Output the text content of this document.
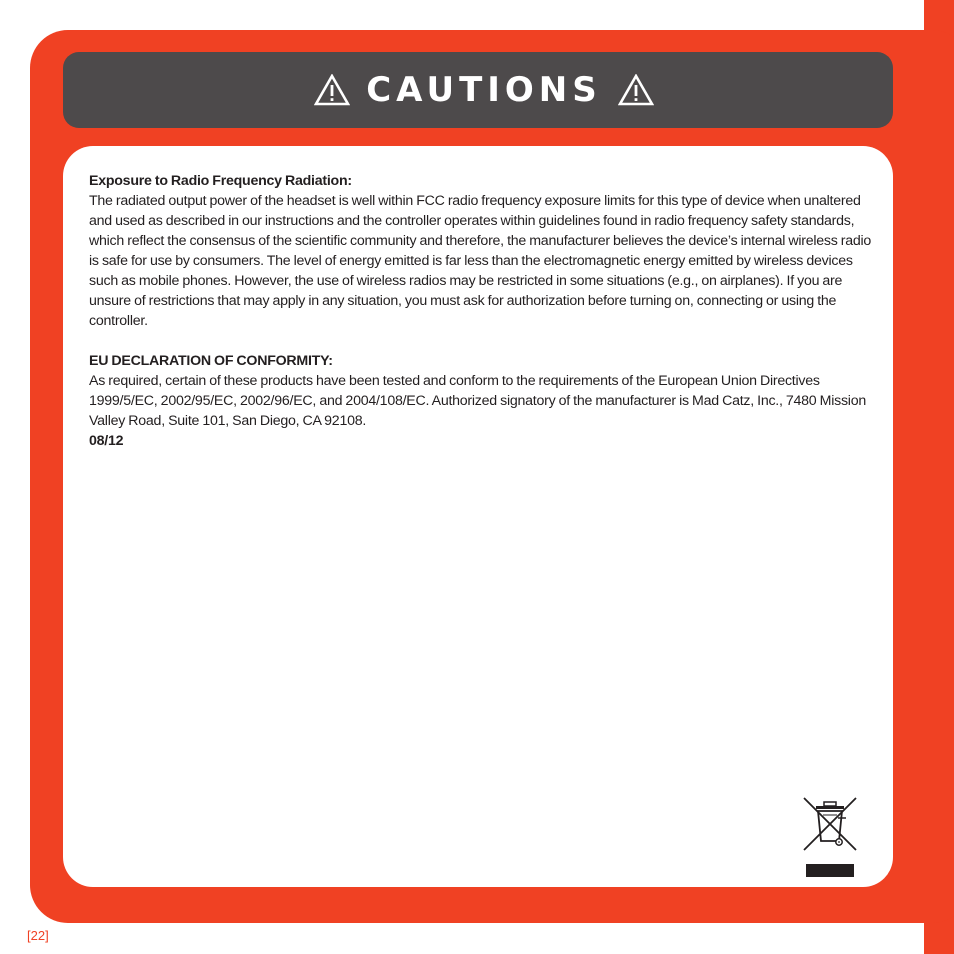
CAUTIONS

Exposure to Radio Frequency Radiation:

The radiated output power of the headset is well within FCC radio frequency exposure limits for this type of device when unaltered and used as described in our instructions and the controller operates within guidelines found in radio frequency safety standards, which reflect the consensus of the scientific community and therefore, the manufacturer believes the device’s internal wireless radio is safe for use by consumers. The level of energy emitted is far less than the electromagnetic energy emitted by wireless devices such as mobile phones. However, the use of wireless radios may be restricted in some situations (e.g., on airplanes). If you are unsure of restrictions that may apply in any situation, you must ask for authorization before turning on, connecting or using the controller.

EU DECLARATION OF CONFORMITY:

As required, certain of these products have been tested and conform to the requirements of the European Union Directives 1999/5/EC, 2002/95/EC, 2002/96/EC, and 2004/108/EC. Authorized signatory of the manufacturer is Mad Catz, Inc., 7480 Mission Valley Road, Suite 101, San Diego, CA 92108.

08/12

[22]
